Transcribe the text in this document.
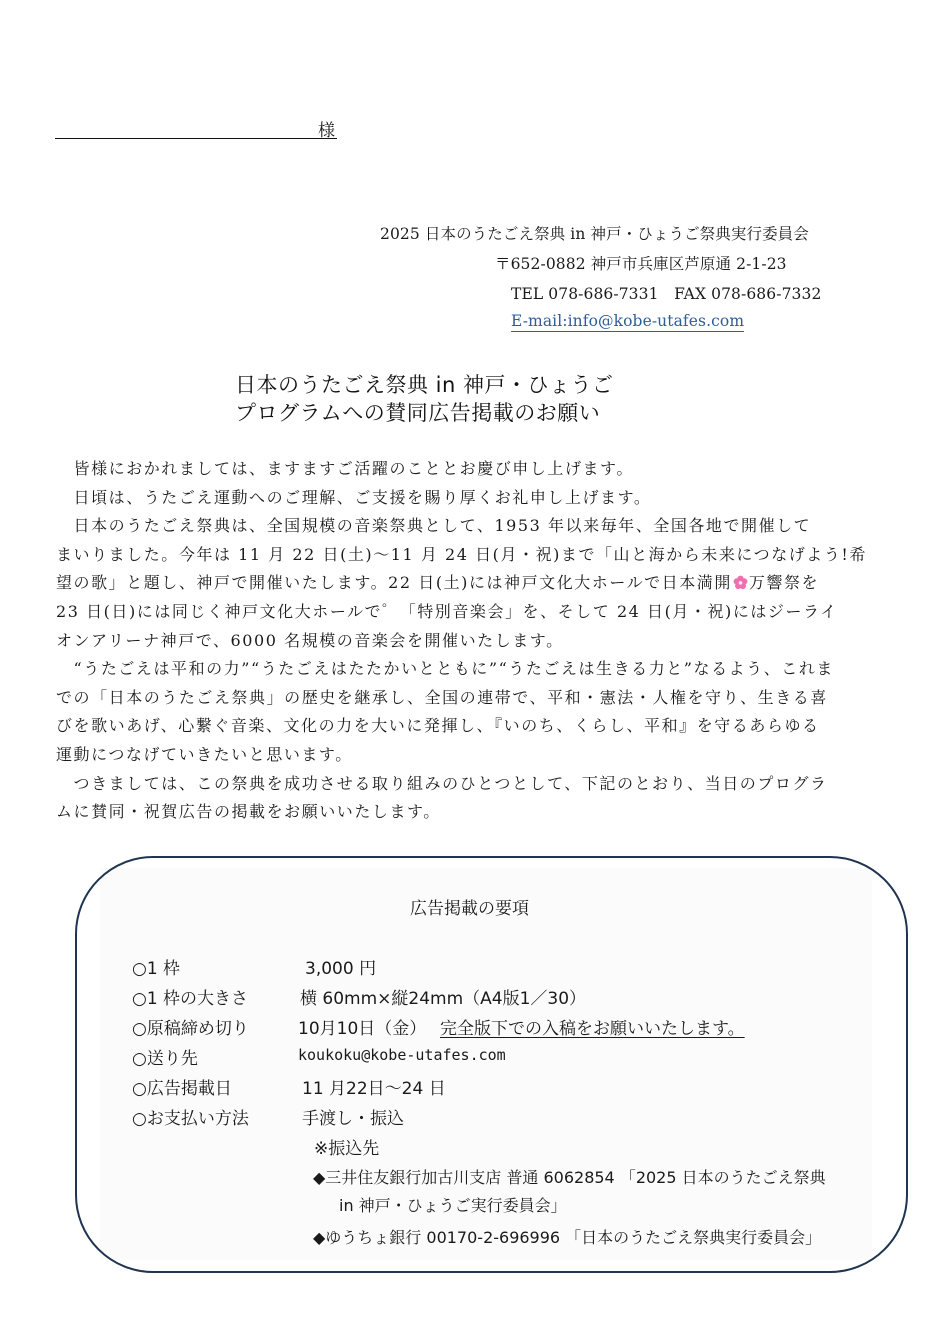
様
2025 日本のうたごえ祭典 in 神戸・ひょうご祭典実行委員会
〒652-0882 神戸市兵庫区芦原通 2-1-23
TEL 078-686-7331　FAX 078-686-7332
E-mail:info@kobe-utafes.com
日本のうたごえ祭典 in 神戸・ひょうご
プログラムへの賛同広告掲載のお願い
　皆様におかれましては、ますますご活躍のこととお慶び申し上げます。
　日頃は、うたごえ運動へのご理解、ご支援を賜り厚くお礼申し上げます。
　日本のうたごえ祭典は、全国規模の音楽祭典として、1953 年以来毎年、全国各地で開催して
まいりました。今年は 11 月 22 日(土)～11 月 24 日(月・祝)まで「山と海から未来につなげよう!希
望の歌」と題し、神戸で開催いたします。22 日(土)には神戸文化大ホールで日本満開 万響祭を
23 日(日)には同じく神戸文化大ホールで゜「特別音楽会」を、そして 24 日(月・祝)にはジーライ
オンアリーナ神戸で、6000 名規模の音楽会を開催いたします。
　“うたごえは平和の力”“うたごえはたたかいとともに”“うたごえは生きる力と”なるよう、これま
での「日本のうたごえ祭典」の歴史を継承し、全国の連帯で、平和・憲法・人権を守り、生きる喜
びを歌いあげ、心繋ぐ音楽、文化の力を大いに発揮し、『いのち、くらし、平和』を守るあらゆる
運動につなげていきたいと思います。
　つきましては、この祭典を成功させる取り組みのひとつとして、下記のとおり、当日のプログラ
ムに賛同・祝賀広告の掲載をお願いいたします。
広告掲載の要項
○1 枠	3,000 円
○1 枠の大きさ	横 60mm×縦24mm（A4版1／30）
○原稿締め切り	10月10日（金） 完全版下での入稿をお願いいたします。
○送り先	koukoku@kobe-utafes.com
○広告掲載日	11 月22日～24 日
○お支払い方法	手渡し・振込
※振込先
◆三井住友銀行加古川支店 普通 6062854 「2025 日本のうたごえ祭典
in 神戸・ひょうご実行委員会」
◆ゆうちょ銀行 00170-2-696996 「日本のうたごえ祭典実行委員会」
